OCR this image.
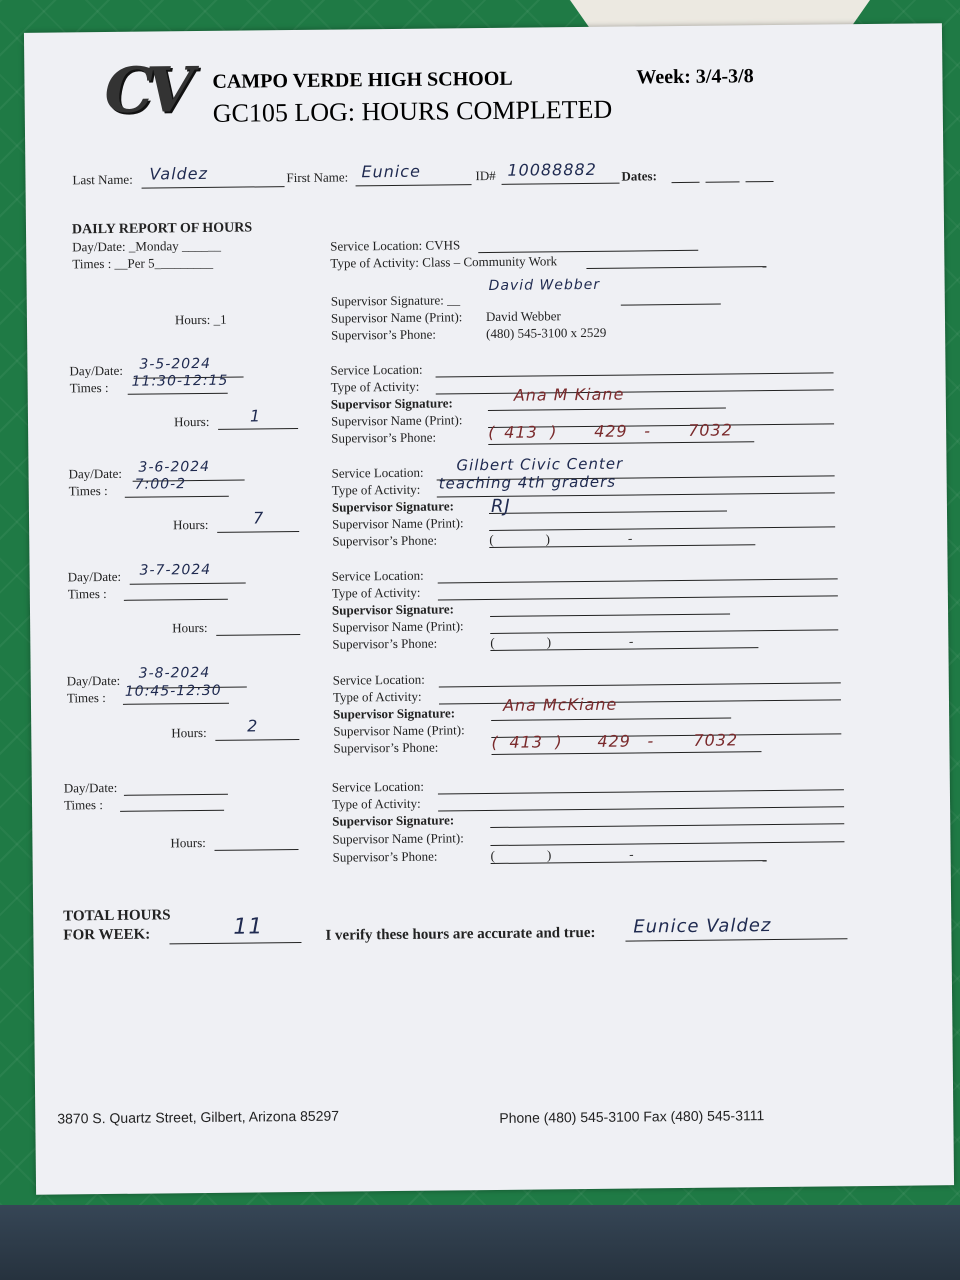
CV CAMPO VERDE HIGH SCHOOL	Week: 3/4-3/8
GC105 LOG: HOURS COMPLETED
Last Name: Valdez	First Name: Eunice	ID# 10088882 Dates:
DAILY REPORT OF HOURS
Day/Date: _Monday ______
Times : __Per 5_________
Hours: _1
Service Location: CVHS
Type of Activity: Class – Community Work
Supervisor Signature: __
David Webber
Supervisor Name (Print): David Webber
Supervisor’s Phone:	(480) 545-3100 x 2529
Day/Date: 3-5-2024
Times : 11:30-12:15
Hours:	1
Service Location:
Type of Activity:
Supervisor Signature:	Ana M Kiane
Supervisor Name (Print):
Supervisor’s Phone:	( 413 ) 429 - 7032
Day/Date: 3-6-2024
Times : 7:00-2
Hours:	7
Service Location: Gilbert Civic Center
Type of Activity: teaching 4th graders
Supervisor Signature: RJ
Supervisor Name (Print):
Supervisor’s Phone:	(    )      -
Day/Date: 3-7-2024
Times :
Hours:
Service Location:
Type of Activity:
Supervisor Signature:
Supervisor Name (Print):
Supervisor’s Phone:	(    )      -
Day/Date: 3-8-2024
Times : 10:45-12:30
Hours:	2
Service Location:
Type of Activity:
Supervisor Signature:	Ana McKiane
Supervisor Name (Print):
Supervisor’s Phone:	( 413 ) 429 - 7032
Day/Date:
Times :
Hours:
Service Location:
Type of Activity:
Supervisor Signature:
Supervisor Name (Print):
Supervisor’s Phone:	(    )      -
TOTAL HOURS
FOR WEEK:	11	I verify these hours are accurate and true: Eunice Valdez
3870 S. Quartz Street, Gilbert, Arizona 85297	Phone (480) 545-3100 Fax (480) 545-3111
